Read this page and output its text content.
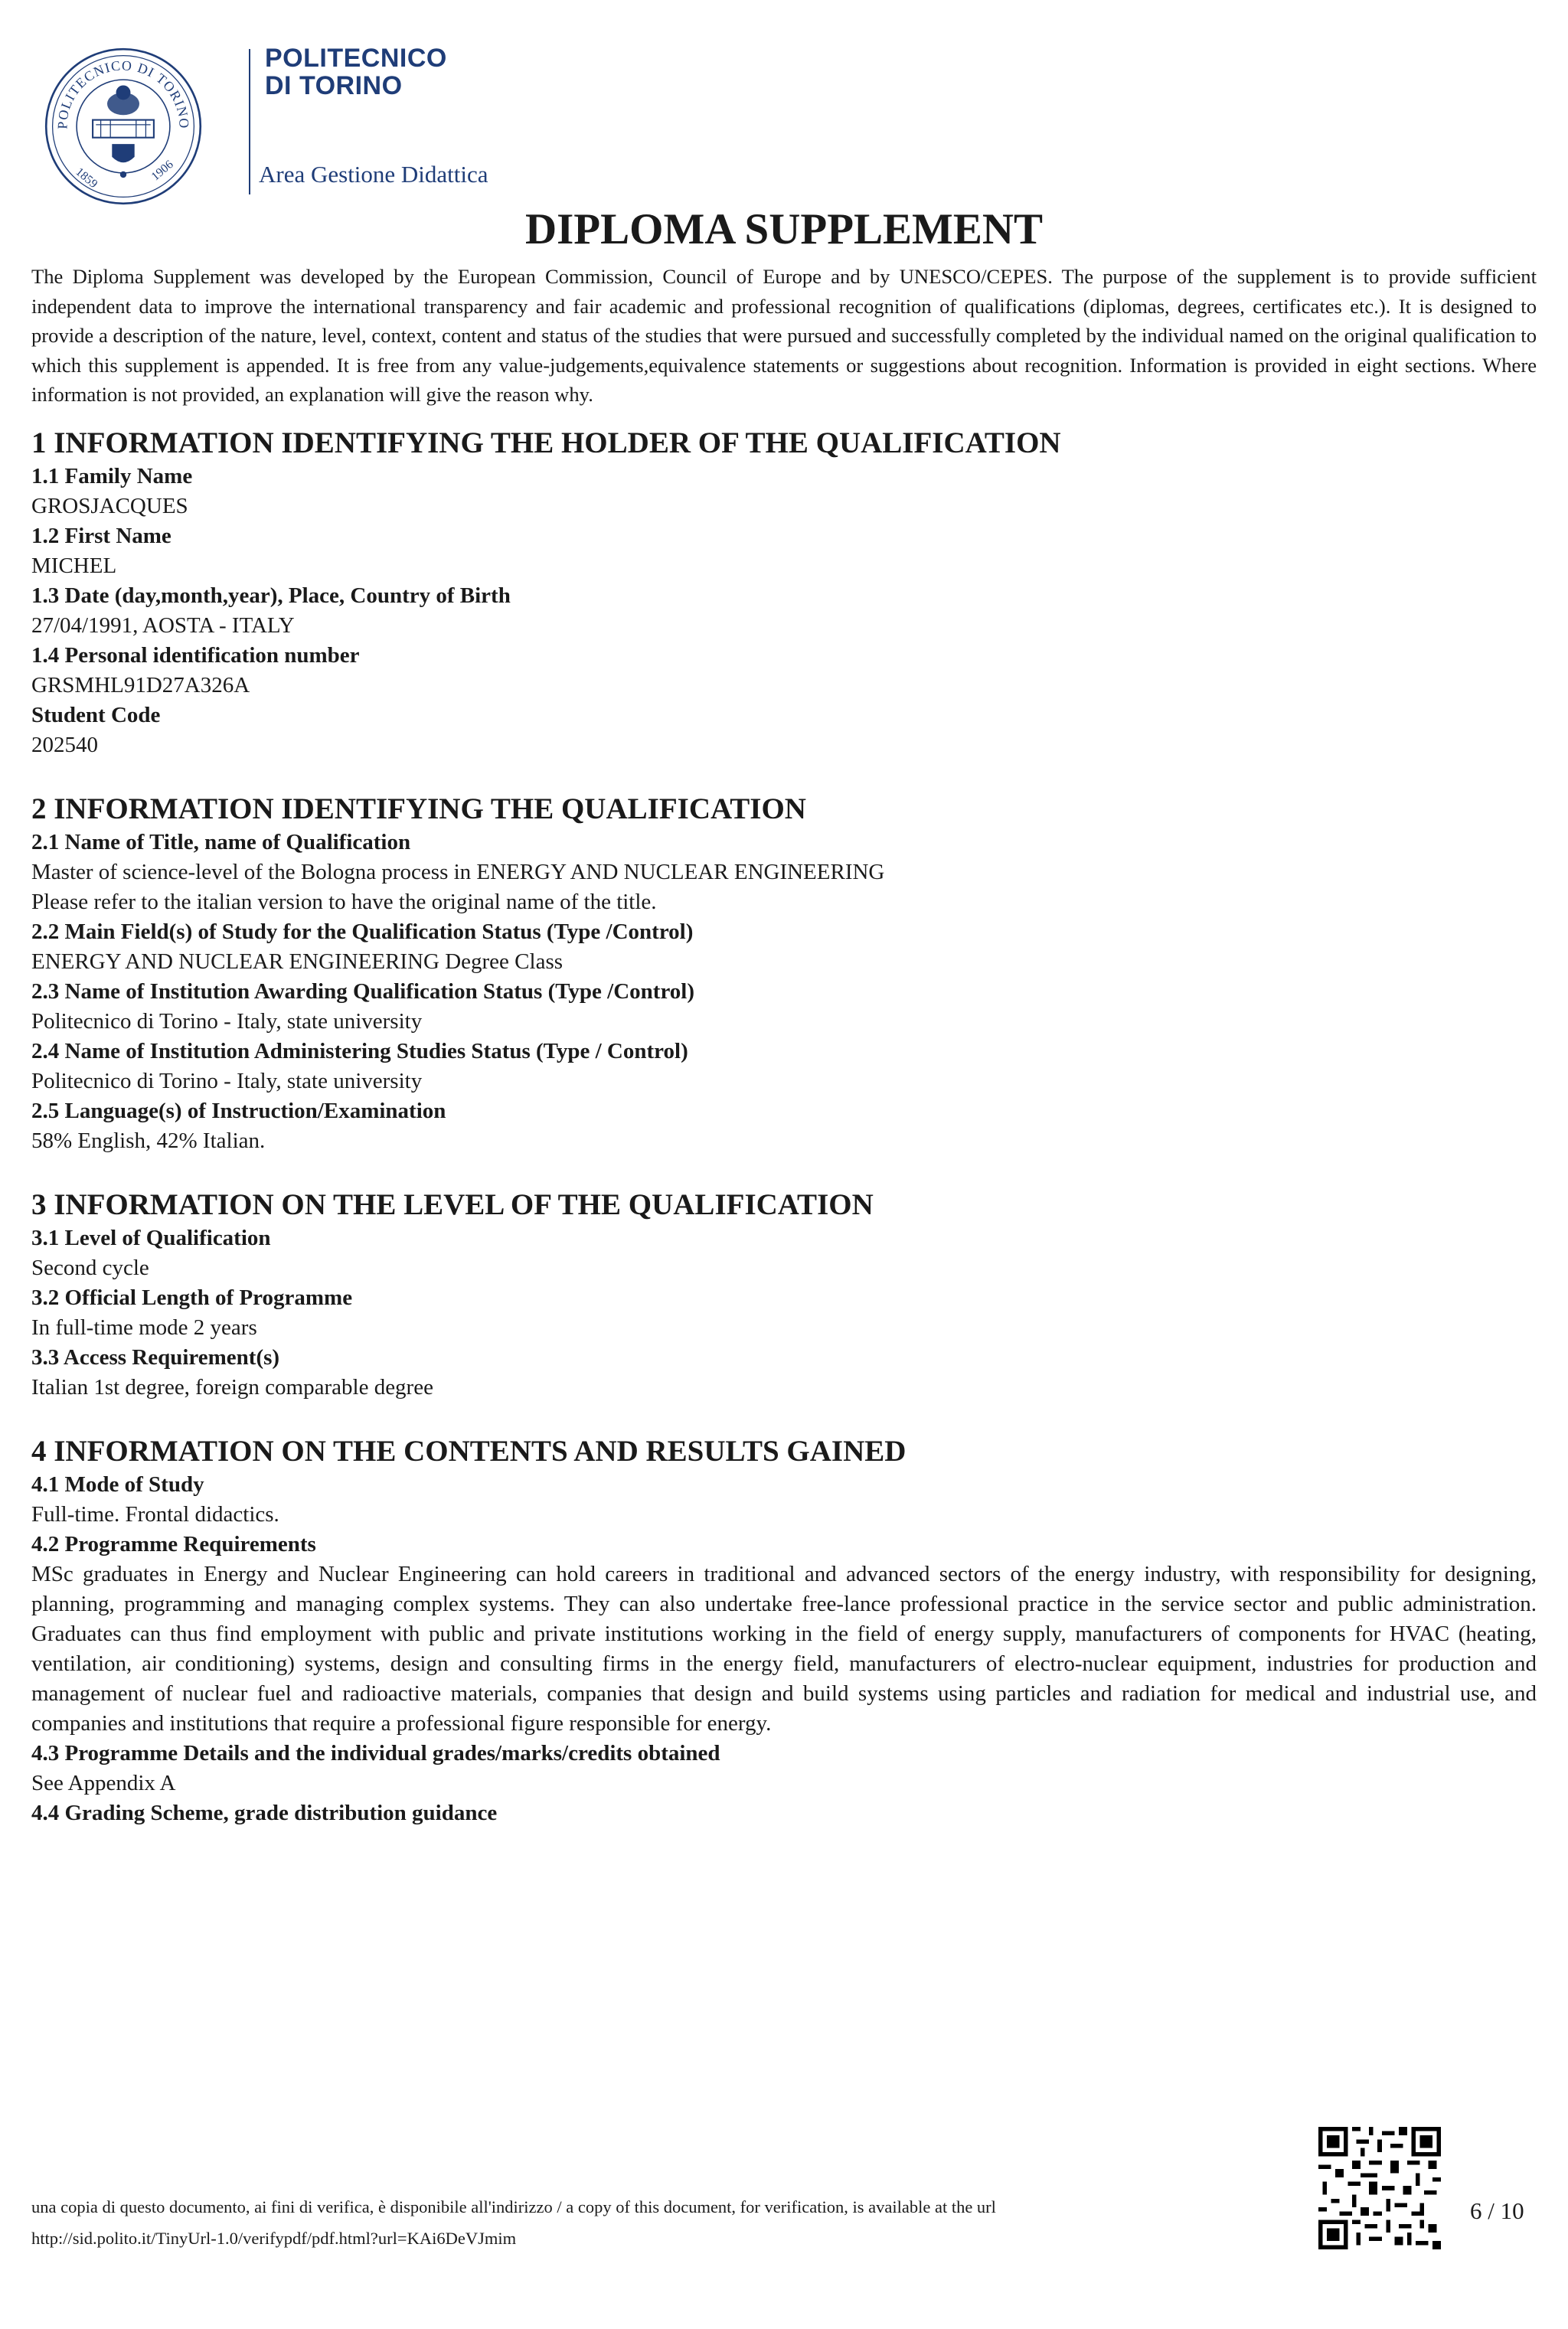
POLITECNICO DI TORINO
1859	1906
POLITECNICO
DI TORINO
Area Gestione Didattica
DIPLOMA SUPPLEMENT

The Diploma Supplement was developed by the European Commission, Council of Europe and by UNESCO/CEPES. The purpose of the supplement is to provide sufficient independent data to improve the international transparency and fair academic and professional recognition of qualifications (diplomas, degrees, certificates etc.). It is designed to provide a description of the nature, level, context, content and status of the studies that were pursued and successfully completed by the individual named on the original qualification to which this supplement is appended. It is free from any value-judgements,equivalence statements or suggestions about recognition. Information is provided in eight sections. Where information is not provided, an explanation will give the reason why.

1 INFORMATION IDENTIFYING THE HOLDER OF THE QUALIFICATION
1.1 Family Name
GROSJACQUES
1.2 First Name
MICHEL
1.3 Date (day,month,year), Place, Country of Birth
27/04/1991, AOSTA - ITALY
1.4 Personal identification number
GRSMHL91D27A326A
Student Code
202540
2 INFORMATION IDENTIFYING THE QUALIFICATION
2.1 Name of Title, name of Qualification
Master of science-level of the Bologna process in ENERGY AND NUCLEAR ENGINEERING
Please refer to the italian version to have the original name of the title.
2.2 Main Field(s) of Study for the Qualification Status (Type /Control)
ENERGY AND NUCLEAR ENGINEERING Degree Class
2.3 Name of Institution Awarding Qualification Status (Type /Control)
Politecnico di Torino - Italy, state university
2.4 Name of Institution Administering Studies Status (Type / Control)
Politecnico di Torino - Italy, state university
2.5 Language(s) of Instruction/Examination
58% English, 42% Italian.
3 INFORMATION ON THE LEVEL OF THE QUALIFICATION
3.1 Level of Qualification
Second cycle
3.2 Official Length of Programme
In full-time mode 2 years
3.3 Access Requirement(s)
Italian 1st degree, foreign comparable degree
4 INFORMATION ON THE CONTENTS AND RESULTS GAINED
4.1 Mode of Study
Full-time. Frontal didactics.
4.2 Programme Requirements
MSc graduates in Energy and Nuclear Engineering can hold careers in traditional and advanced sectors of the energy industry, with responsibility for designing, planning, programming and managing complex systems. They can also undertake free-lance professional practice in the service sector and public administration. Graduates can thus find employment with public and private institutions working in the field of energy supply, manufacturers of components for HVAC (heating, ventilation, air conditioning) systems, design and consulting firms in the energy field, manufacturers of electro-nuclear equipment, industries for production and management of nuclear fuel and radioactive materials, companies that design and build systems using particles and radiation for medical and industrial use, and companies and institutions that require a professional figure responsible for energy.
4.3 Programme Details and the individual grades/marks/credits obtained
See Appendix A
4.4 Grading Scheme, grade distribution guidance
una copia di questo documento, ai fini di verifica, è disponibile all'indirizzo / a copy of this document, for verification, is available at the url
http://sid.polito.it/TinyUrl-1.0/verifypdf/pdf.html?url=KAi6DeVJmim
6 / 10
